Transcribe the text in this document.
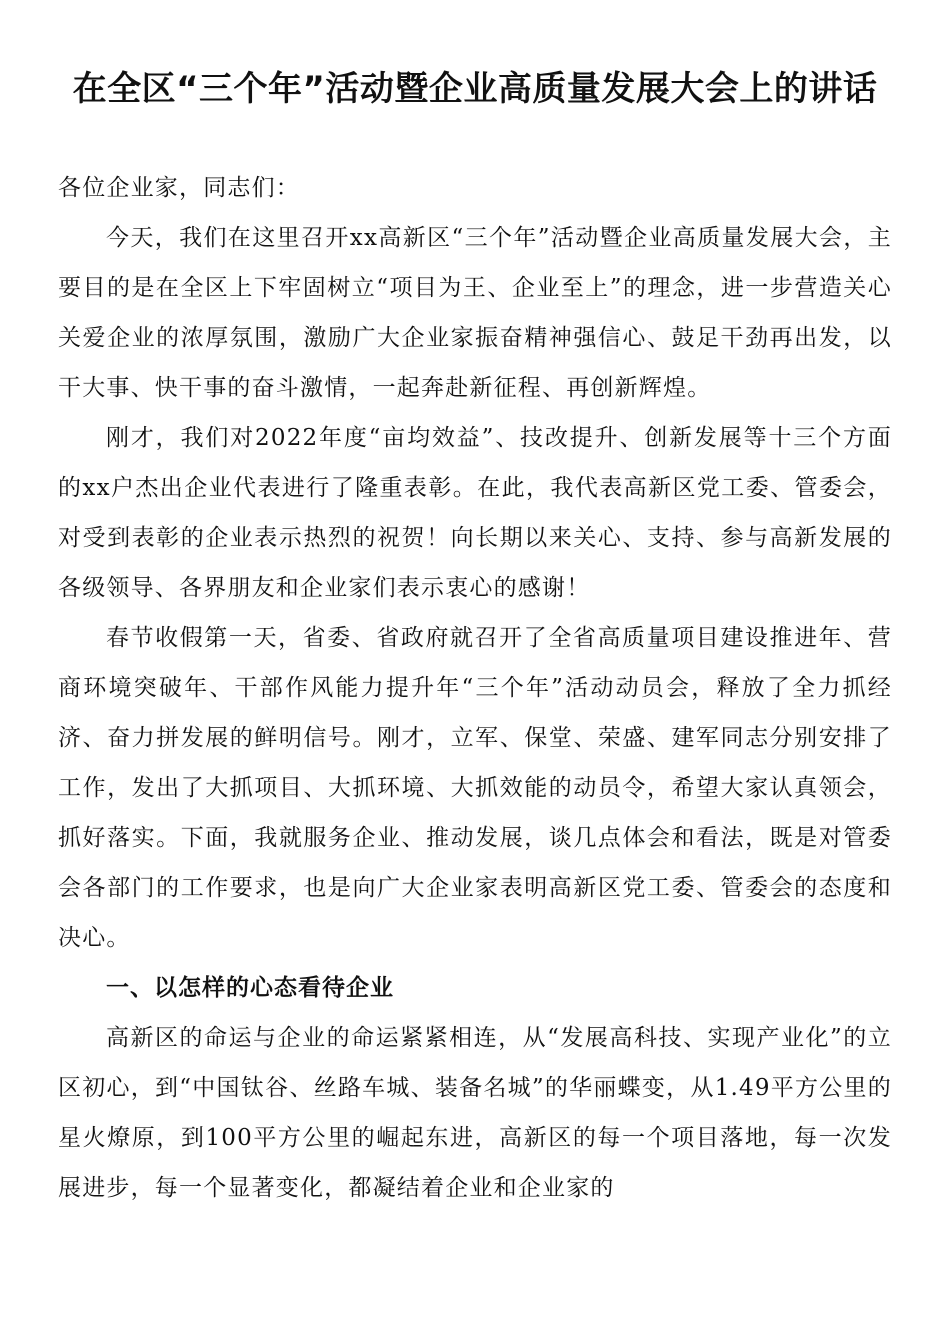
在全区“三个年”活动暨企业高质量发展大会上的讲话

各位企业家，同志们：

今天，我们在这里召开xx高新区“三个年”活动暨企业高质量发展大会，主要目的是在全区上下牢固树立“项目为王、企业至上”的理念，进一步营造关心关爱企业的浓厚氛围，激励广大企业家振奋精神强信心、鼓足干劲再出发，以干大事、快干事的奋斗激情，一起奔赴新征程、再创新辉煌。

刚才，我们对2022年度“亩均效益”、技改提升、创新发展等十三个方面的xx户杰出企业代表进行了隆重表彰。在此，我代表高新区党工委、管委会，对受到表彰的企业表示热烈的祝贺！向长期以来关心、支持、参与高新发展的各级领导、各界朋友和企业家们表示衷心的感谢！

春节收假第一天，省委、省政府就召开了全省高质量项目建设推进年、营商环境突破年、干部作风能力提升年“三个年”活动动员会，释放了全力抓经济、奋力拼发展的鲜明信号。刚才，立军、保堂、荣盛、建军同志分别安排了工作，发出了大抓项目、大抓环境、大抓效能的动员令，希望大家认真领会，抓好落实。下面，我就服务企业、推动发展，谈几点体会和看法，既是对管委会各部门的工作要求，也是向广大企业家表明高新区党工委、管委会的态度和决心。

一、以怎样的心态看待企业

高新区的命运与企业的命运紧紧相连，从“发展高科技、实现产业化”的立区初心，到“中国钛谷、丝路车城、装备名城”的华丽蝶变，从1.49平方公里的星火燎原，到100平方公里的崛起东进，高新区的每一个项目落地，每一次发展进步，每一个显著变化，都凝结着企业和企业家的
